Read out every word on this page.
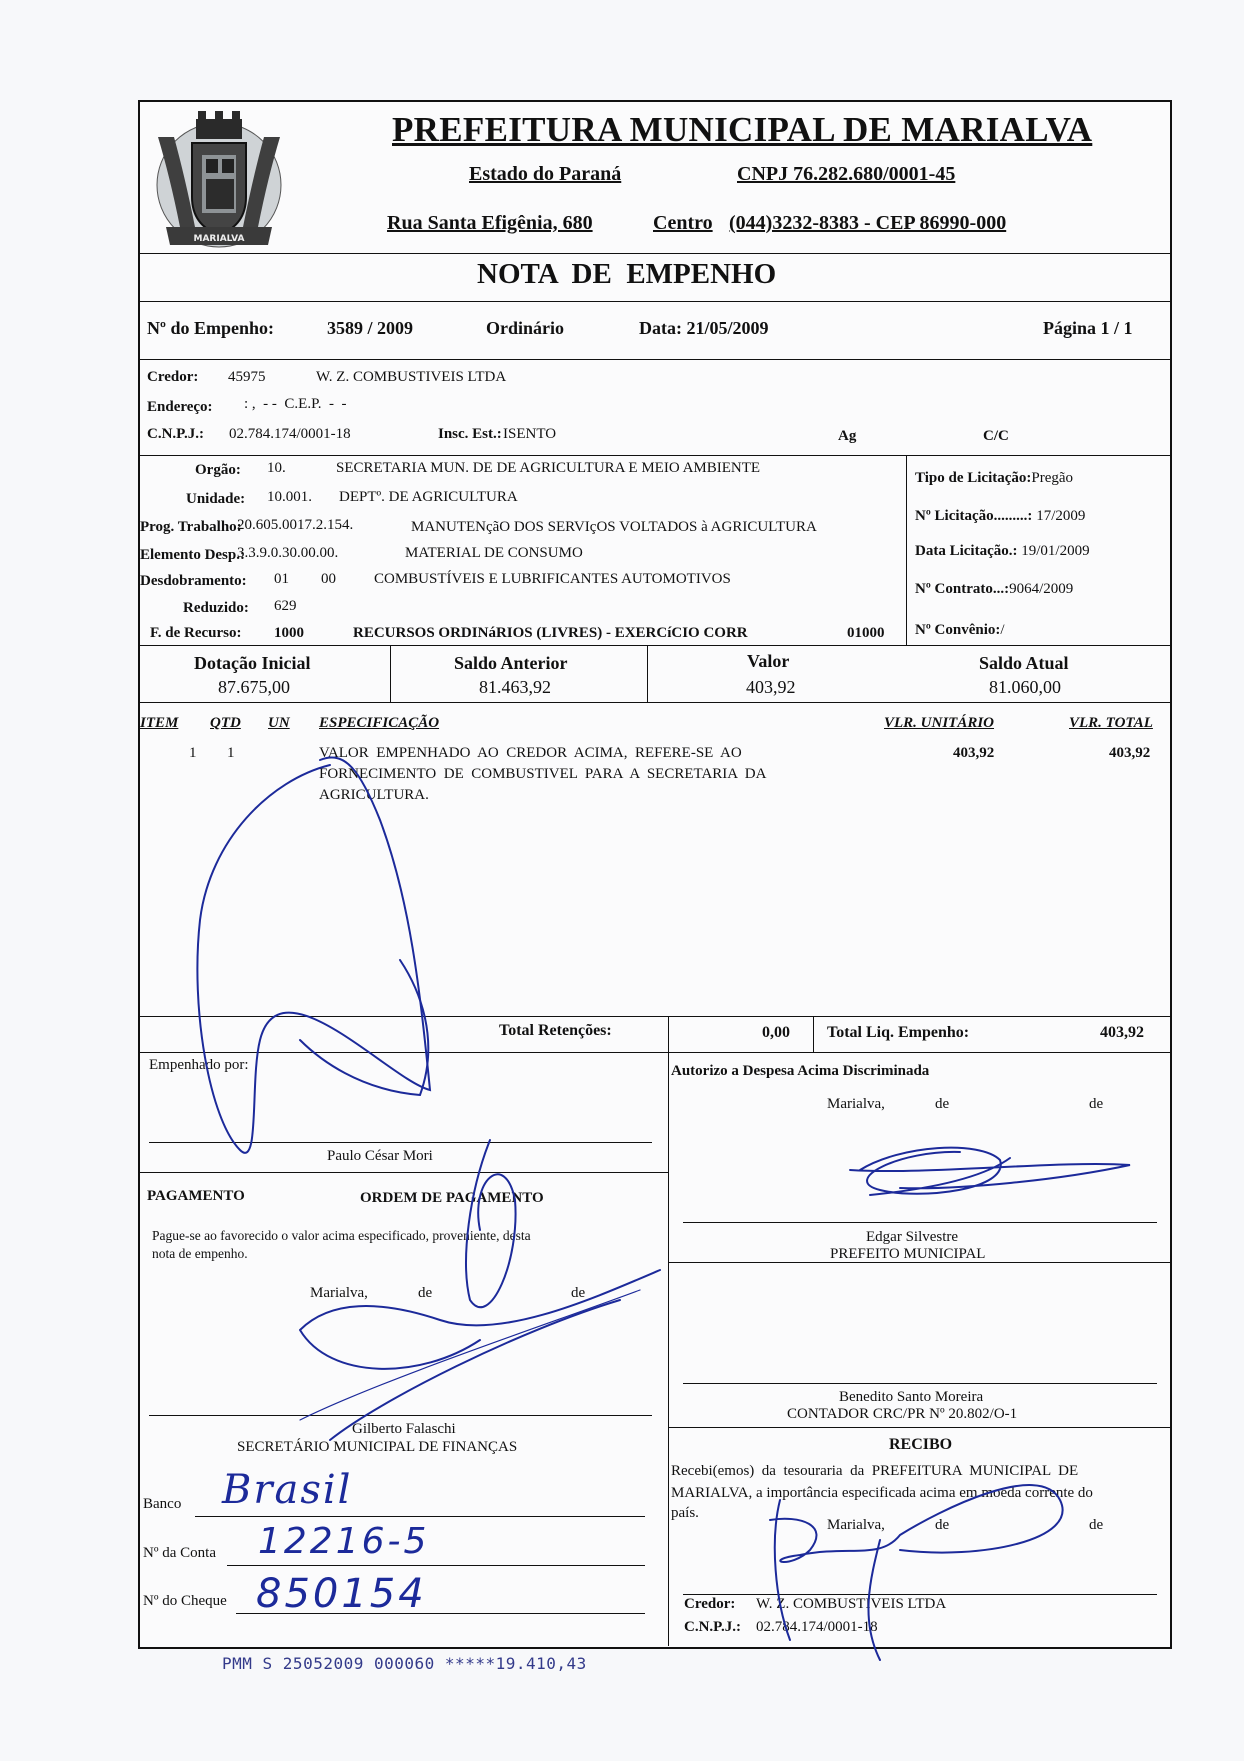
MARIALVA
PREFEITURA MUNICIPAL DE MARIALVA
Estado do Paraná	CNPJ 76.282.680/0001-45
Rua Santa Efigênia, 680	Centro (044)3232-8383 - CEP 86990-000
NOTA  DE  EMPENHO
Nº do Empenho:	3589 / 2009	Ordinário	Data: 21/05/2009	Página 1 / 1
Credor: 45975	W. Z. COMBUSTIVEIS LTDA
Endereço: : ,  - -  C.E.P.  -  -
C.N.P.J.: 02.784.174/0001-18	Insc. Est.: ISENTO	Ag	C/C
Orgão: 10.	SECRETARIA MUN. DE DE AGRICULTURA E MEIO AMBIENTE
Unidade: 10.001. DEPTº. DE AGRICULTURA
Prog. Trabalho:
20.605.0017.2.154.	MANUTENçãO DOS SERVIçOS VOLTADOS à AGRICULTURA
Elemento Desp.:
3.3.9.0.30.00.00.	MATERIAL DE CONSUMO
Desdobramento: 01 00	COMBUSTÍVEIS E LUBRIFICANTES AUTOMOTIVOS
Reduzido: 629
F. de Recurso: 1000	RECURSOS ORDINáRIOS (LIVRES) - EXERCíCIO CORR	01000
Tipo de Licitação:Pregão
Nº Licitação.........: 17/2009
Data Licitação.: 19/01/2009
Nº Contrato...:9064/2009
Nº Convênio:/
Dotação Inicial
87.675,00
Saldo Anterior
81.463,92
Valor
403,92
Saldo Atual
81.060,00
ITEM QTD UN ESPECIFICAÇÃO	VLR. UNITÁRIO	VLR. TOTAL
1 1	VALOR  EMPENHADO  AO  CREDOR  ACIMA,  REFERE-SE  AO
FORNECIMENTO  DE  COMBUSTIVEL  PARA  A  SECRETARIA  DA
AGRICULTURA.
403,92	403,92
Total Retenções:	0,00 Total Liq. Empenho:	403,92
Empenhado por:
Paulo César Mori
Autorizo a Despesa Acima Discriminada
Marialva,	de	de
Edgar Silvestre
PREFEITO MUNICIPAL
PAGAMENTO	ORDEM DE PAGAMENTO
Pague-se ao favorecido o valor acima especificado, proveniente, desta
nota de empenho.
Marialva,	de	de
Gilberto Falaschi
SECRETÁRIO MUNICIPAL DE FINANÇAS
Benedito Santo Moreira
CONTADOR CRC/PR Nº 20.802/O-1
RECIBO
Recebi(emos)  da  tesouraria  da  PREFEITURA  MUNICIPAL  DE
MARIALVA, a importância especificada acima em moeda corrente do
país.
Marialva,	de	de
Credor: W. Z. COMBUSTIVEIS LTDA
C.N.P.J.: 02.784.174/0001-18
Banco
Nº da Conta
Nº do Cheque
Brasil
12216-5
850154
PMM S 25052009 000060 *****19.410,43
